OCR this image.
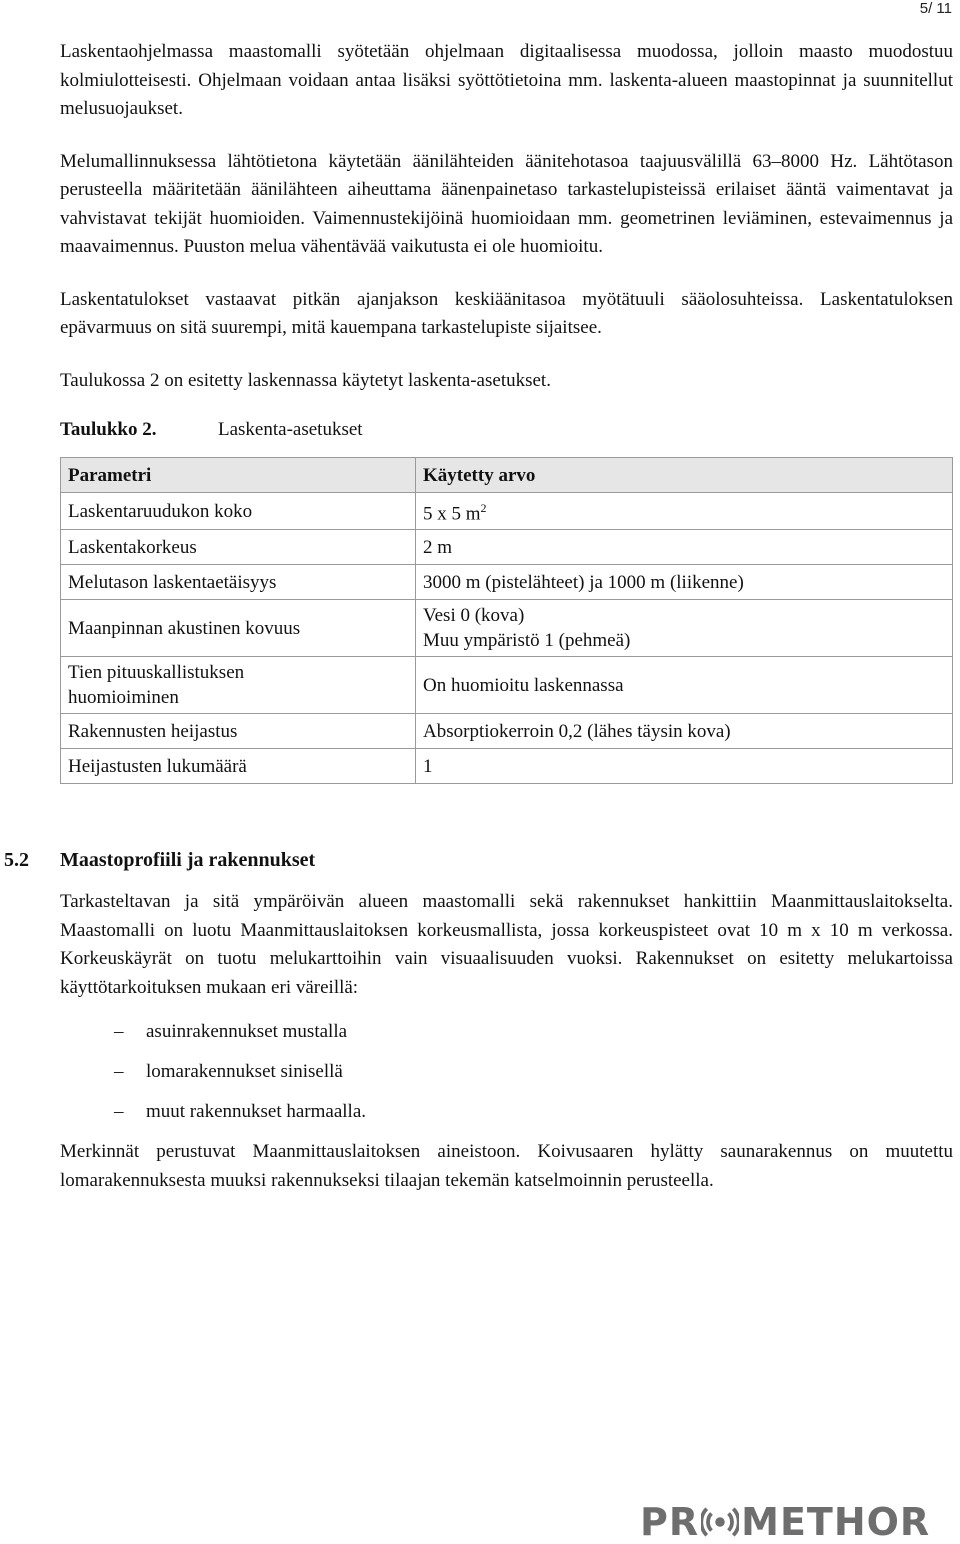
5/ 11

Laskentaohjelmassa maastomalli syötetään ohjelmaan digitaalisessa muodossa, jolloin maasto muodostuu kolmiulotteisesti. Ohjelmaan voidaan antaa lisäksi syöttötietoina mm. laskenta-alueen maastopinnat ja suunnitellut melusuojaukset.

Melumallinnuksessa lähtötietona käytetään äänilähteiden äänitehotasoa taajuusvälillä 63–8000 Hz. Lähtötason perusteella määritetään äänilähteen aiheuttama äänenpainetaso tarkastelupisteissä erilaiset ääntä vaimentavat ja vahvistavat tekijät huomioiden. Vaimennustekijöinä huomioidaan mm. geometrinen leviäminen, estevaimennus ja maavaimennus. Puuston melua vähentävää vaikutusta ei ole huomioitu.

Laskentatulokset vastaavat pitkän ajanjakson keskiäänitasoa myötätuuli sääolosuhteissa. Laskentatuloksen epävarmuus on sitä suurempi, mitä kauempana tarkastelupiste sijaitsee.

Taulukossa 2 on esitetty laskennassa käytetyt laskenta-asetukset.

Taulukko 2.	Laskenta-asetukset
Parametri	Käytetty arvo
Laskentaruudukon koko	5 x 5 $m^2$
Laskentakorkeus	2 m
Melutason laskentaetäisyys	3000 m (pistelähteet) ja 1000 m (liikenne)
Maanpinnan akustinen kovuus	Vesi 0 (kova)
Muu ympäristö 1 (pehmeä)

Tien pituuskallistuksen
huomioiminen	On huomioitu laskennassa
Rakennusten heijastus	Absorptiokerroin 0,2 (lähes täysin kova)
Heijastusten lukumäärä	1
5.2 Maastoprofiili ja rakennukset

Tarkasteltavan ja sitä ympäröivän alueen maastomalli sekä rakennukset hankittiin Maanmittauslaitokselta. Maastomalli on luotu Maanmittauslaitoksen korkeusmallista, jossa korkeuspisteet ovat 10 m x 10 m verkossa. Korkeuskäyrät on tuotu melukarttoihin vain visuaalisuuden vuoksi. Rakennukset on esitetty melukartoissa käyttötarkoituksen mukaan eri väreillä:

– asuinrakennukset mustalla
– lomarakennukset sinisellä
– muut rakennukset harmaalla.

Merkinnät perustuvat Maanmittauslaitoksen aineistoon. Koivusaaren hylätty saunarakennus on muutettu lomarakennuksesta muuksi rakennukseksi tilaajan tekemän katselmoinnin perusteella.

PR METHOR
